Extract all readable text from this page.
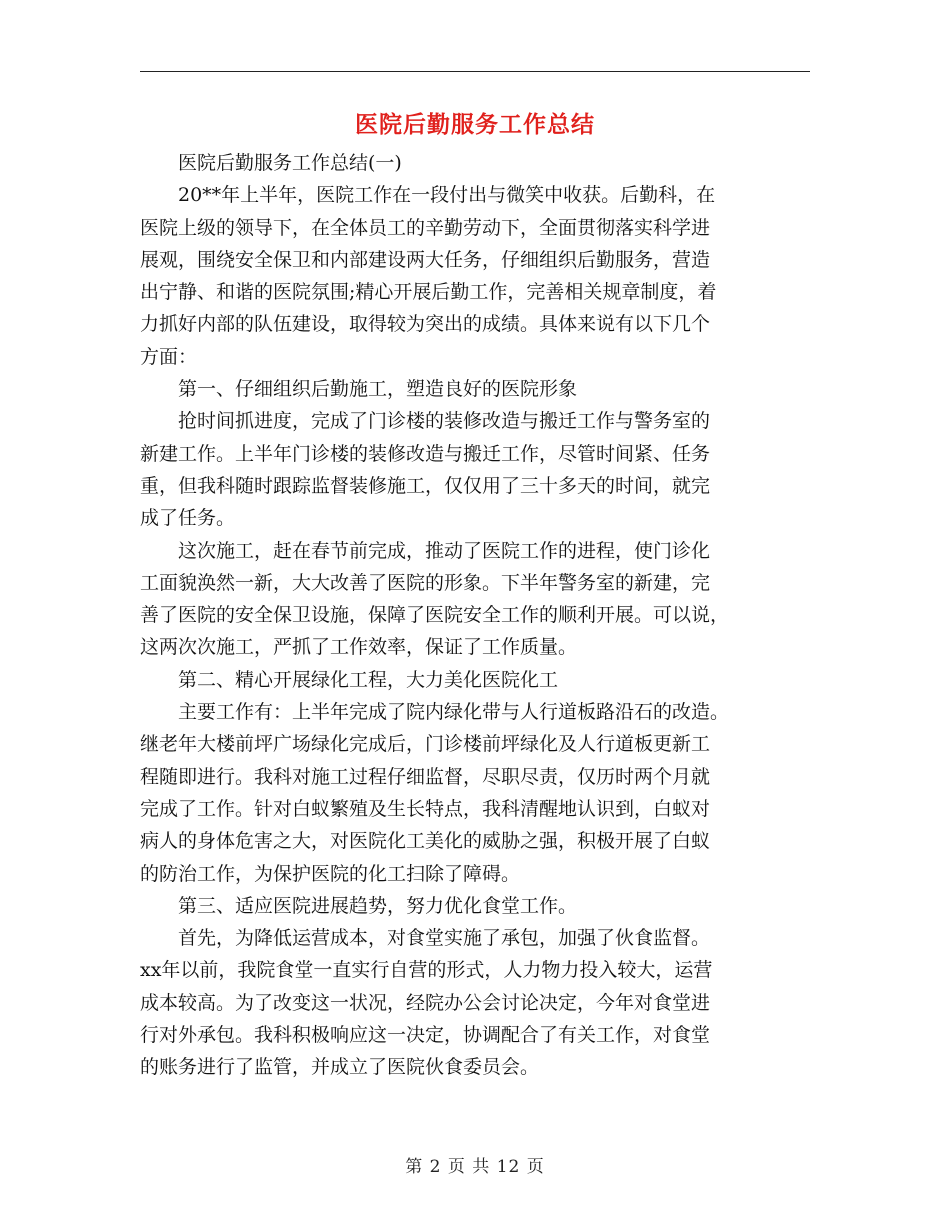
医院后勤服务工作总结

医院后勤服务工作总结(一)

20**年上半年，医院工作在一段付出与微笑中收获。后勤科，在
医院上级的领导下，在全体员工的辛勤劳动下，全面贯彻落实科学进
展观，围绕安全保卫和内部建设两大任务，仔细组织后勤服务，营造
出宁静、和谐的医院氛围;精心开展后勤工作，完善相关规章制度，着
力抓好内部的队伍建设，取得较为突出的成绩。具体来说有以下几个
方面：

第一、仔细组织后勤施工，塑造良好的医院形象

抢时间抓进度，完成了门诊楼的装修改造与搬迁工作与警务室的
新建工作。上半年门诊楼的装修改造与搬迁工作，尽管时间紧、任务
重，但我科随时跟踪监督装修施工，仅仅用了三十多天的时间，就完
成了任务。

这次施工，赶在春节前完成，推动了医院工作的进程，使门诊化
工面貌涣然一新，大大改善了医院的形象。下半年警务室的新建，完
善了医院的安全保卫设施，保障了医院安全工作的顺利开展。可以说，
这两次次施工，严抓了工作效率，保证了工作质量。

第二、精心开展绿化工程，大力美化医院化工

主要工作有：上半年完成了院内绿化带与人行道板路沿石的改造。
继老年大楼前坪广场绿化完成后，门诊楼前坪绿化及人行道板更新工
程随即进行。我科对施工过程仔细监督，尽职尽责，仅历时两个月就
完成了工作。针对白蚁繁殖及生长特点，我科清醒地认识到，白蚁对
病人的身体危害之大，对医院化工美化的威胁之强，积极开展了白蚁
的防治工作，为保护医院的化工扫除了障碍。

第三、适应医院进展趋势，努力优化食堂工作。

首先，为降低运营成本，对食堂实施了承包，加强了伙食监督。
xx年以前，我院食堂一直实行自营的形式，人力物力投入较大，运营
成本较高。为了改变这一状况，经院办公会讨论决定，今年对食堂进
行对外承包。我科积极响应这一决定，协调配合了有关工作，对食堂
的账务进行了监管，并成立了医院伙食委员会。

第 2 页 共 12 页
